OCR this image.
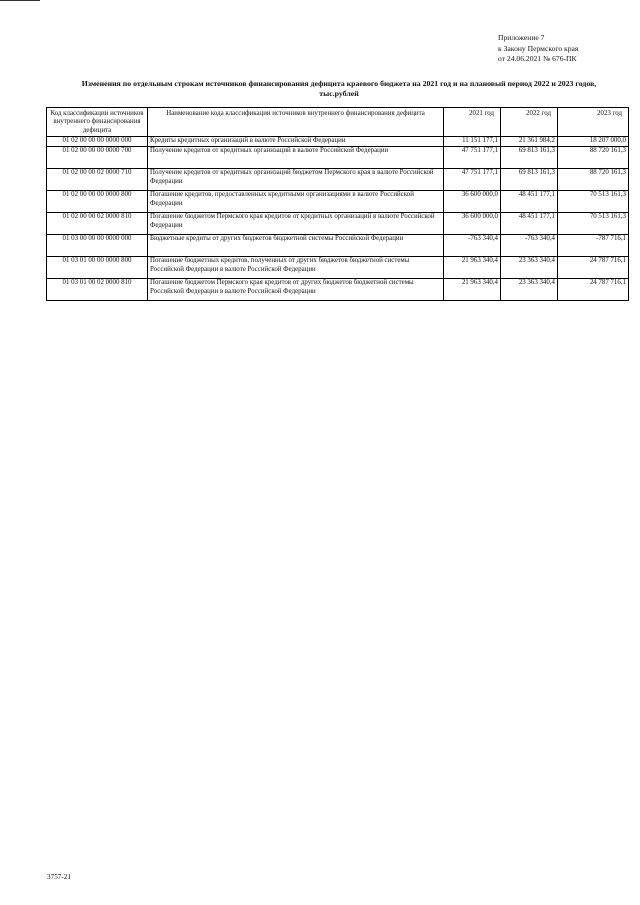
Приложение 7
к Закону Пермского края
от 24.06.2021 № 676-ПК
Изменения по отдельным строкам источников финансирования дефицита краевого бюджета на 2021 год и на плановый период 2022 и 2023 годов,
тыс.рублей
Код классификации источников внутреннего финансирования дефицита	Наименование кода классификации источников внутреннего финансирования дефицита	2021 год	2022 год	2023 год
01 02 00 00 00 0000 000	Кредиты кредитных организаций в валюте Российской Федерации	11 151 177,1	21 361 984,2	18 207 000,0
01 02 00 00 00 0000 700	Получение кредитов от кредитных организаций в валюте Российской Федерации	47 751 177,1	69 813 161,3	88 720 161,3
01 02 00 00 02 0000 710	Получение кредитов от кредитных организаций бюджетом Пермского края в валюте Российской Федерации	47 751 177,1	69 813 161,3	88 720 161,3
01 02 00 00 00 0000 800	Погашение кредитов, предоставленных кредитными организациями в валюте Российской Федерации	36 600 000,0	48 451 177,1	70 513 161,3
01 02 00 00 02 0000 810	Погашение бюджетом Пермского края кредитов от кредитных организаций в валюте Российской Федерации	36 600 000,0	48 451 177,1	70 513 161,3
01 03 00 00 00 0000 000	Бюджетные кредиты от других бюджетов бюджетной системы Российской Федерации	-763 340,4	-763 340,4	-787 716,1
01 03 01 00 00 0000 800	Погашение бюджетных кредитов, полученных от других бюджетов бюджетной системы Российской Федерации в валюте Российской Федерации	21 963 340,4	23 363 340,4	24 787 716,1
01 03 01 00 02 0000 810	Погашение бюджетом Пермского края кредитов от других бюджетов бюджетной системы Российской Федерации в валюте Российской Федерации	21 963 340,4	23 363 340,4	24 787 716,1
3757-21
